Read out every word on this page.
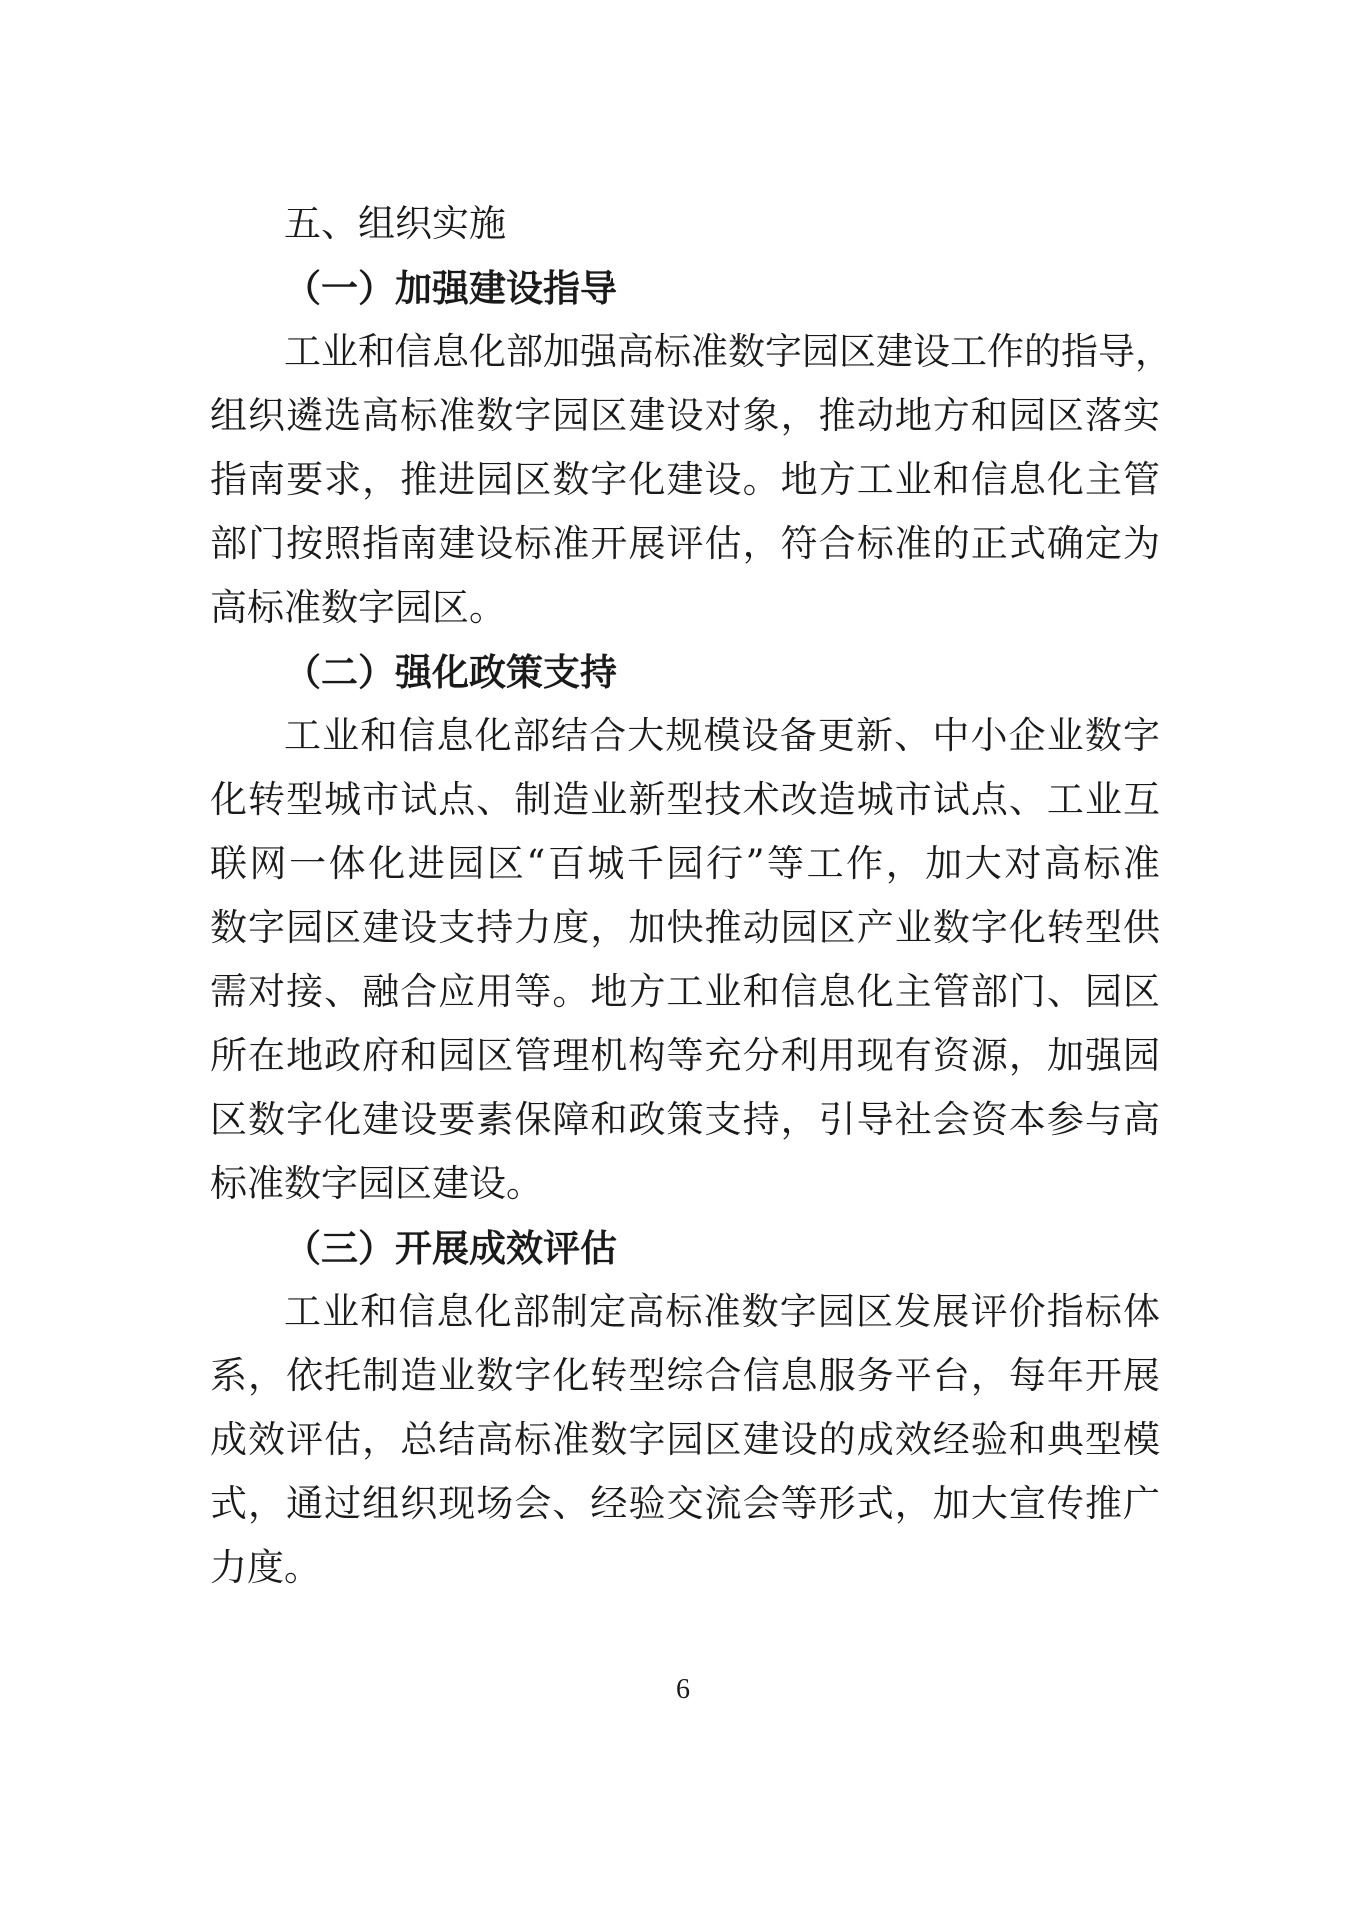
五、组织实施
（一）加强建设指导
工业和信息化部加强高标准数字园区建设工作的指导，
组织遴选高标准数字园区建设对象，推动地方和园区落实
指南要求，推进园区数字化建设。地方工业和信息化主管
部门按照指南建设标准开展评估，符合标准的正式确定为
高标准数字园区。
（二）强化政策支持
工业和信息化部结合大规模设备更新、中小企业数字
化转型城市试点、制造业新型技术改造城市试点、工业互
联网一体化进园区“百城千园行”等工作，加大对高标准
数字园区建设支持力度，加快推动园区产业数字化转型供
需对接、融合应用等。地方工业和信息化主管部门、园区
所在地政府和园区管理机构等充分利用现有资源，加强园
区数字化建设要素保障和政策支持，引导社会资本参与高
标准数字园区建设。
（三）开展成效评估
工业和信息化部制定高标准数字园区发展评价指标体
系，依托制造业数字化转型综合信息服务平台，每年开展
成效评估，总结高标准数字园区建设的成效经验和典型模
式，通过组织现场会、经验交流会等形式，加大宣传推广
力度。
6
